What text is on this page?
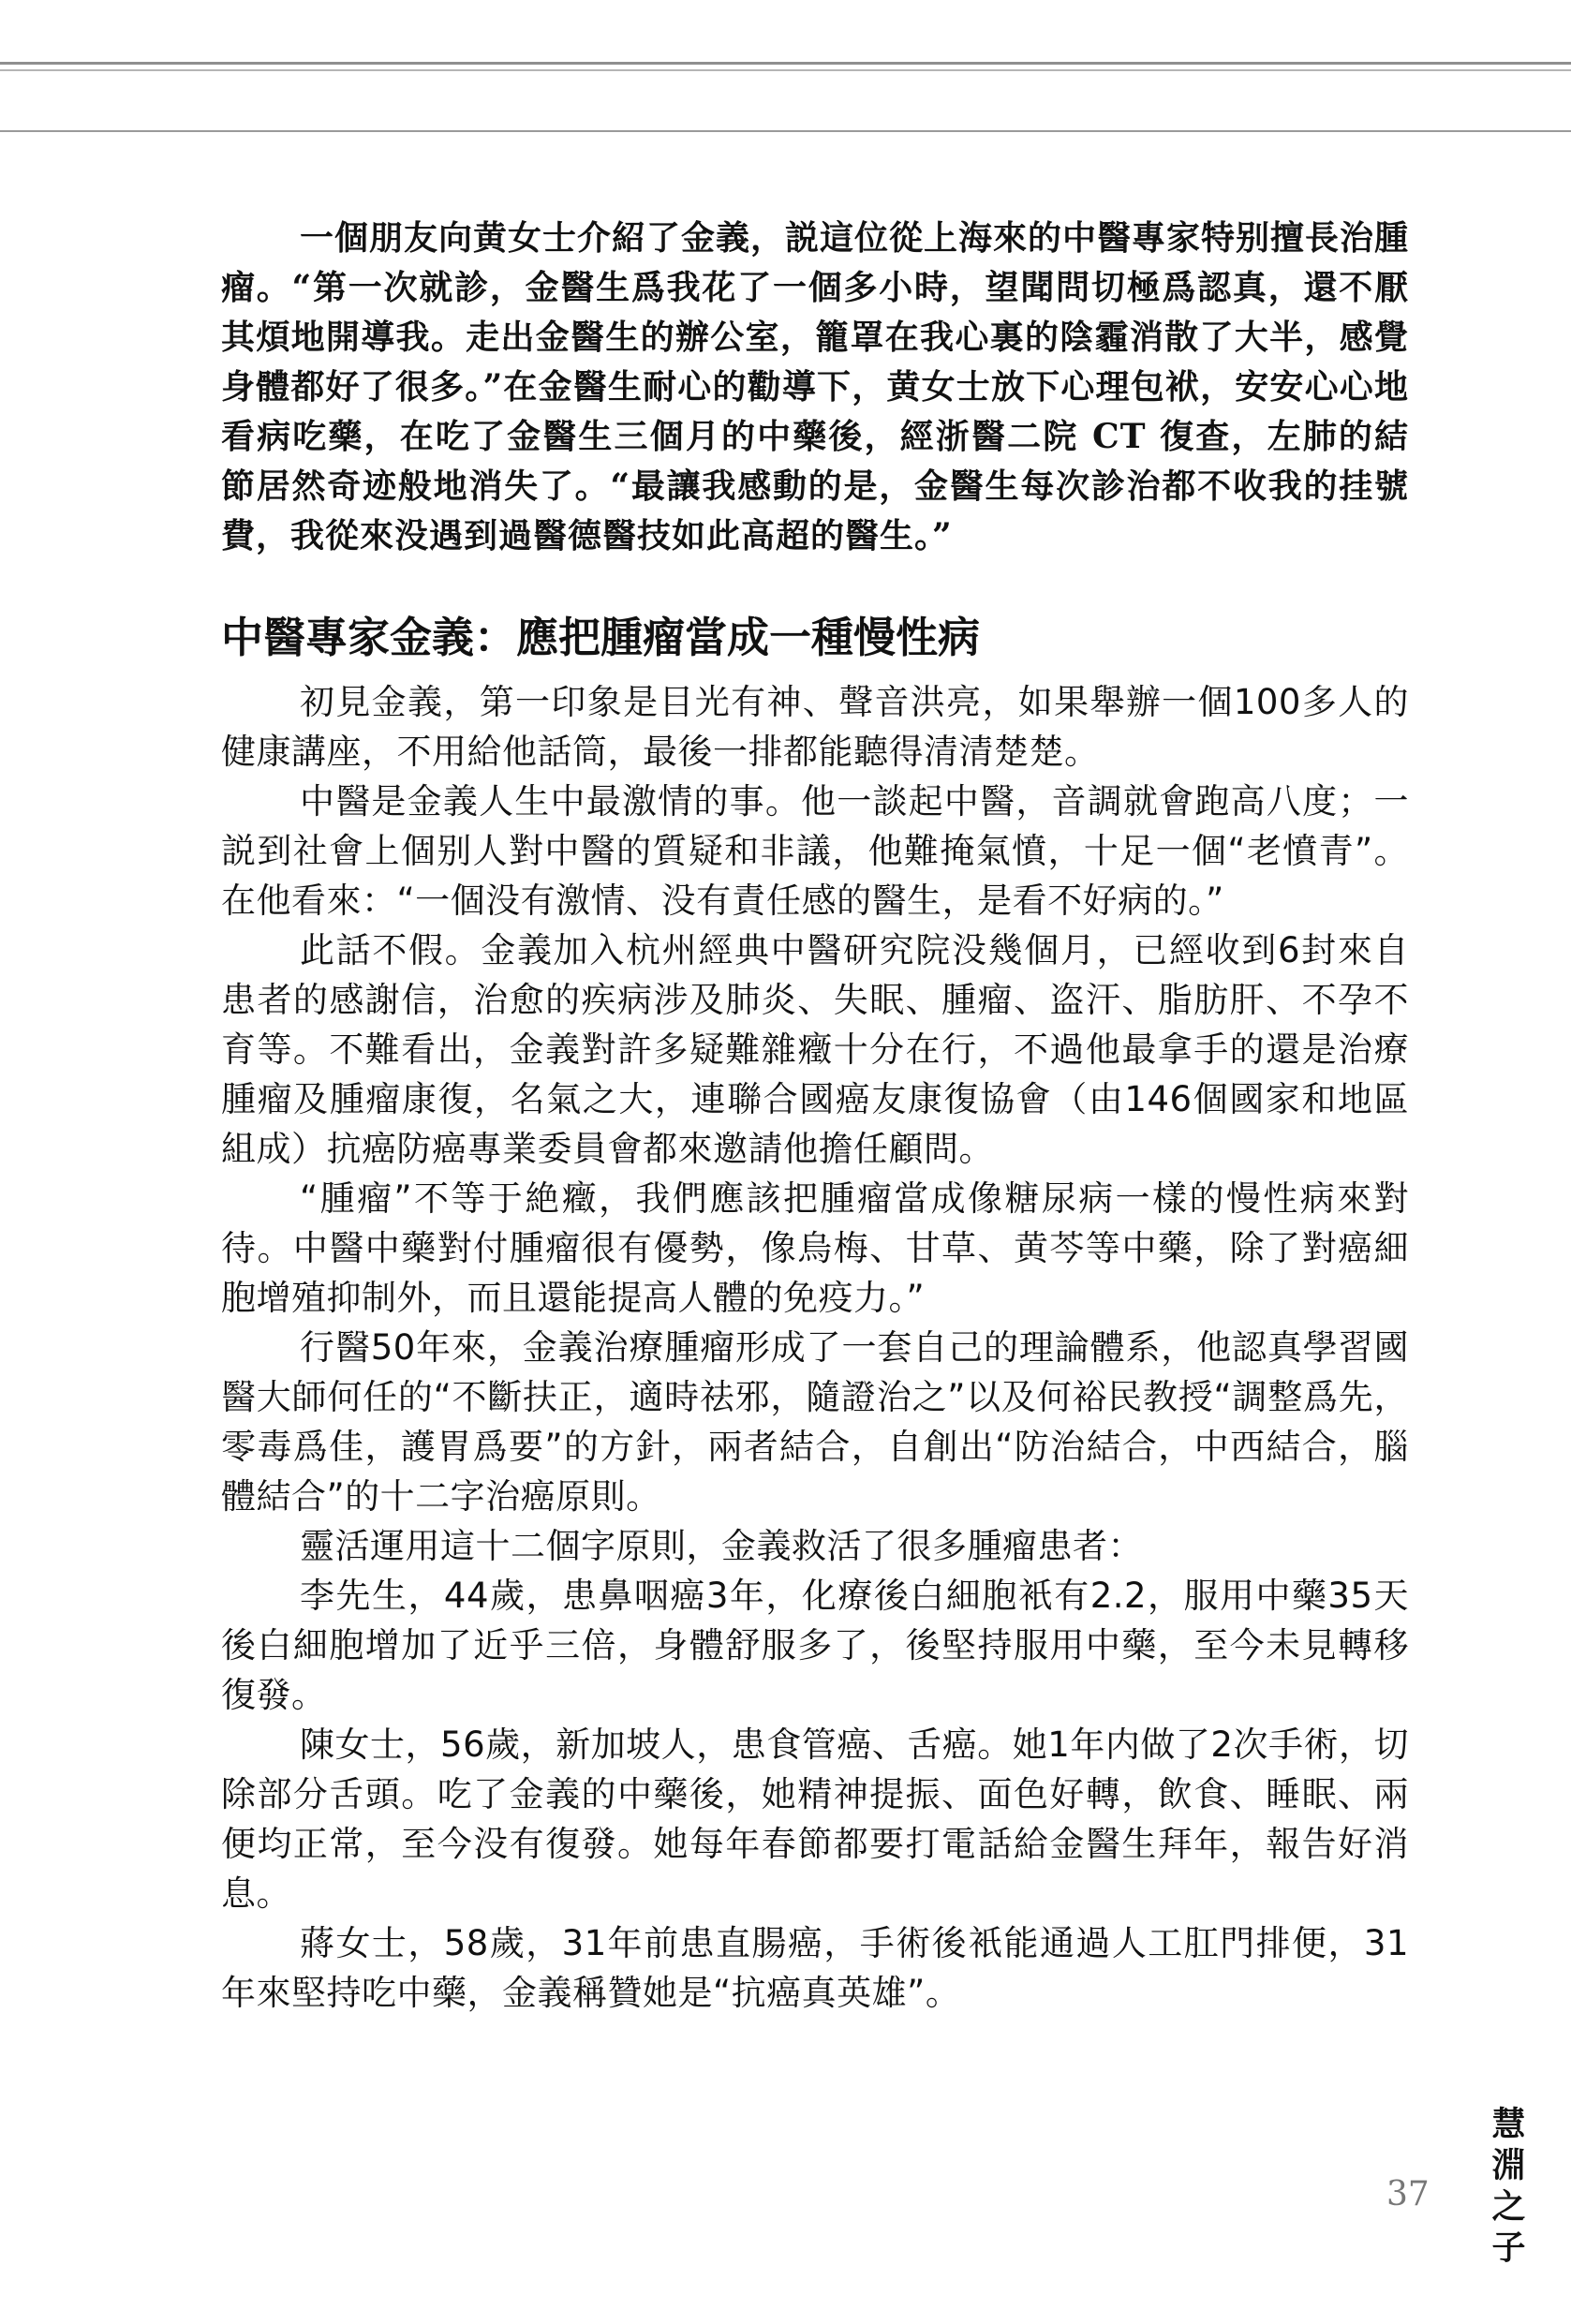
一個朋友向黄女士介紹了金義，説這位從上海來的中醫專家特别擅長治腫瘤。“第一次就診，金醫生爲我花了一個多小時，望聞問切極爲認真，還不厭其煩地開導我。走出金醫生的辦公室，籠罩在我心裏的陰霾消散了大半，感覺身體都好了很多。”在金醫生耐心的勸導下，黄女士放下心理包袱，安安心心地看病吃藥，在吃了金醫生三個月的中藥後，經浙醫二院 CT 復查，左肺的結節居然奇迹般地消失了。“最讓我感動的是，金醫生每次診治都不收我的挂號費，我從來没遇到過醫德醫技如此高超的醫生。”

中醫專家金義：應把腫瘤當成一種慢性病

初見金義，第一印象是目光有神、聲音洪亮，如果舉辦一個100多人的健康講座，不用給他話筒，最後一排都能聽得清清楚楚。

中醫是金義人生中最激情的事。他一談起中醫，音調就會跑高八度；一説到社會上個别人對中醫的質疑和非議，他難掩氣憤，十足一個“老憤青”。在他看來：“一個没有激情、没有責任感的醫生，是看不好病的。”

此話不假。金義加入杭州經典中醫研究院没幾個月，已經收到6封來自患者的感謝信，治愈的疾病涉及肺炎、失眠、腫瘤、盗汗、脂肪肝、不孕不育等。不難看出，金義對許多疑難雜癥十分在行，不過他最拿手的還是治療腫瘤及腫瘤康復，名氣之大，連聯合國癌友康復協會（由146個國家和地區組成）抗癌防癌專業委員會都來邀請他擔任顧問。

“腫瘤”不等于絶癥，我們應該把腫瘤當成像糖尿病一樣的慢性病來對待。中醫中藥對付腫瘤很有優勢，像烏梅、甘草、黄芩等中藥，除了對癌細胞增殖抑制外，而且還能提高人體的免疫力。”

行醫50年來，金義治療腫瘤形成了一套自己的理論體系，他認真學習國醫大師何任的“不斷扶正，適時祛邪，隨證治之”以及何裕民教授“調整爲先，零毒爲佳，護胃爲要”的方針，兩者結合，自創出“防治結合，中西結合，腦體結合”的十二字治癌原則。

靈活運用這十二個字原則，金義救活了很多腫瘤患者：

李先生，44歲，患鼻咽癌3年，化療後白細胞衹有2.2，服用中藥35天後白細胞增加了近乎三倍，身體舒服多了，後堅持服用中藥，至今未見轉移復發。

陳女士，56歲，新加坡人，患食管癌、舌癌。她1年内做了2次手術，切除部分舌頭。吃了金義的中藥後，她精神提振、面色好轉，飲食、睡眠、兩便均正常，至今没有復發。她每年春節都要打電話給金醫生拜年，報告好消息。

蔣女士，58歲，31年前患直腸癌，手術後衹能通過人工肛門排便，31年來堅持吃中藥，金義稱贊她是“抗癌真英雄”。

37 慧淵之子
